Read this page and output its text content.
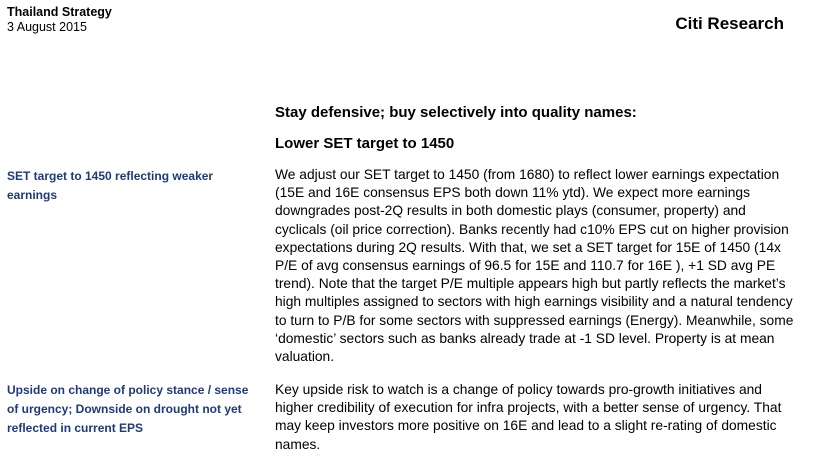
Thailand Strategy
3 August 2015	Citi Research
Stay defensive; buy selectively into quality names:
Lower SET target to 1450
SET target to 1450 reflecting weaker earnings
We adjust our SET target to 1450 (from 1680) to reflect lower earnings expectation (15E and 16E consensus EPS both down 11% ytd). We expect more earnings downgrades post-2Q results in both domestic plays (consumer, property) and cyclicals (oil price correction). Banks recently had c10% EPS cut on higher provision expectations during 2Q results. With that, we set a SET target for 15E of 1450 (14x P/E of avg consensus earnings of 96.5 for 15E and 110.7 for 16E ), +1 SD avg PE trend). Note that the target P/E multiple appears high but partly reflects the market’s high multiples assigned to sectors with high earnings visibility and a natural tendency to turn to P/B for some sectors with suppressed earnings (Energy). Meanwhile, some ‘domestic’ sectors such as banks already trade at -1 SD level. Property is at mean valuation.
Upside on change of policy stance / sense of urgency; Downside on drought not yet reflected in current EPS
Key upside risk to watch is a change of policy towards pro-growth initiatives and higher credibility of execution for infra projects, with a better sense of urgency. That may keep investors more positive on 16E and lead to a slight re-rating of domestic names.
